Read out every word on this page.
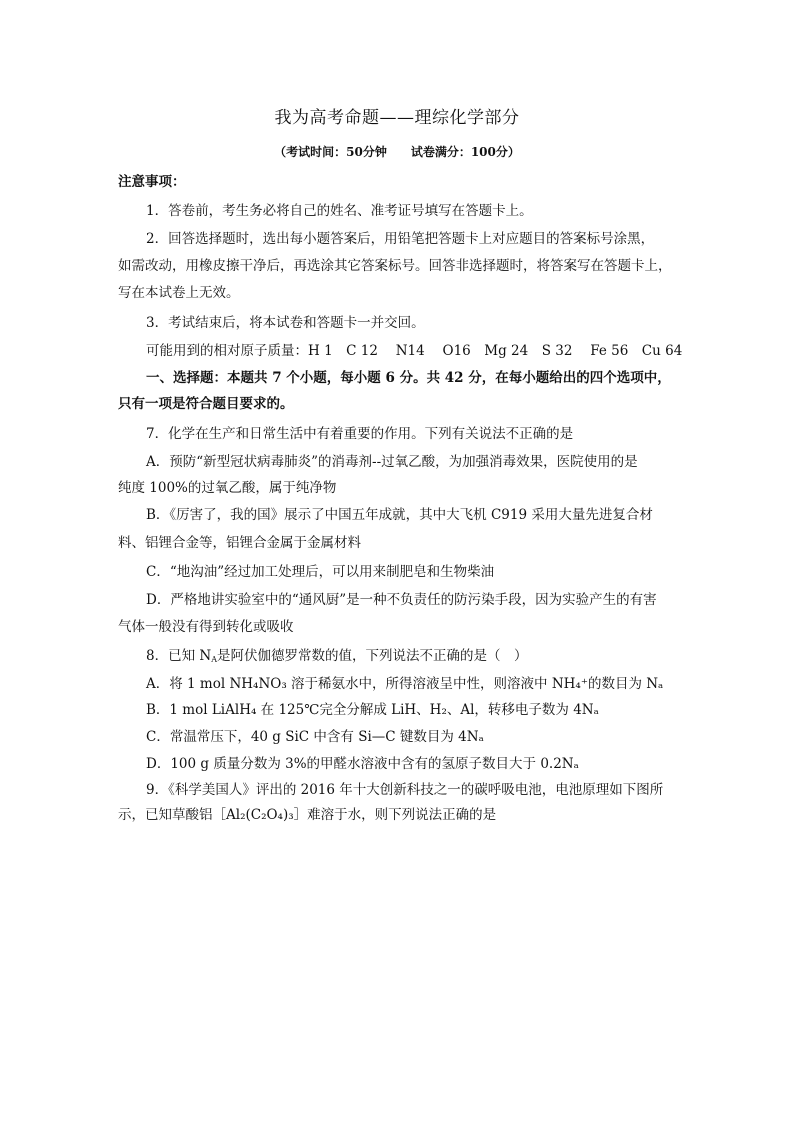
我为高考命题——理综化学部分
（考试时间：50分钟　　试卷满分：100分）
注意事项：
1．答卷前，考生务必将自己的姓名、准考证号填写在答题卡上。
2．回答选择题时，选出每小题答案后，用铅笔把答题卡上对应题目的答案标号涂黑，
如需改动，用橡皮擦干净后，再选涂其它答案标号。回答非选择题时，将答案写在答题卡上，
写在本试卷上无效。
3．考试结束后，将本试卷和答题卡一并交回。
可能用到的相对原子质量：H 1　C 12　 N14　 O16　Mg 24　S 32　 Fe 56　Cu 64
一、选择题：本题共 7 个小题，每小题 6 分。共 42 分，在每小题给出的四个选项中，
只有一项是符合题目要求的。
7．化学在生产和日常生活中有着重要的作用。下列有关说法不正确的是
A．预防“新型冠状病毒肺炎”的消毒剂--过氧乙酸，为加强消毒效果，医院使用的是
纯度 100%的过氧乙酸，属于纯净物
B．《厉害了，我的国》展示了中国五年成就，其中大飞机 C919 采用大量先进复合材
料、铝锂合金等，铝锂合金属于金属材料
C．“地沟油”经过加工处理后，可以用来制肥皂和生物柴油
D．严格地讲实验室中的“通风厨”是一种不负责任的防污染手段，因为实验产生的有害
气体一般没有得到转化或吸收
8．已知 $N_A$是阿伏伽德罗常数的值，下列说法不正确的是（　）
A．将 1 mol NH₄NO₃ 溶于稀氨水中，所得溶液呈中性，则溶液中 NH₄⁺的数目为 Nₐ
B．1 mol LiAlH₄ 在 125℃完全分解成 LiH、H₂、Al，转移电子数为 4Nₐ
C．常温常压下，40 g SiC 中含有 Si—C 键数目为 4Nₐ
D．100 g 质量分数为 3%的甲醛水溶液中含有的氢原子数目大于 0.2Nₐ
9．《科学美国人》评出的 2016 年十大创新科技之一的碳呼吸电池，电池原理如下图所
示，已知草酸铝［Al₂(C₂O₄)₃］难溶于水，则下列说法正确的是
